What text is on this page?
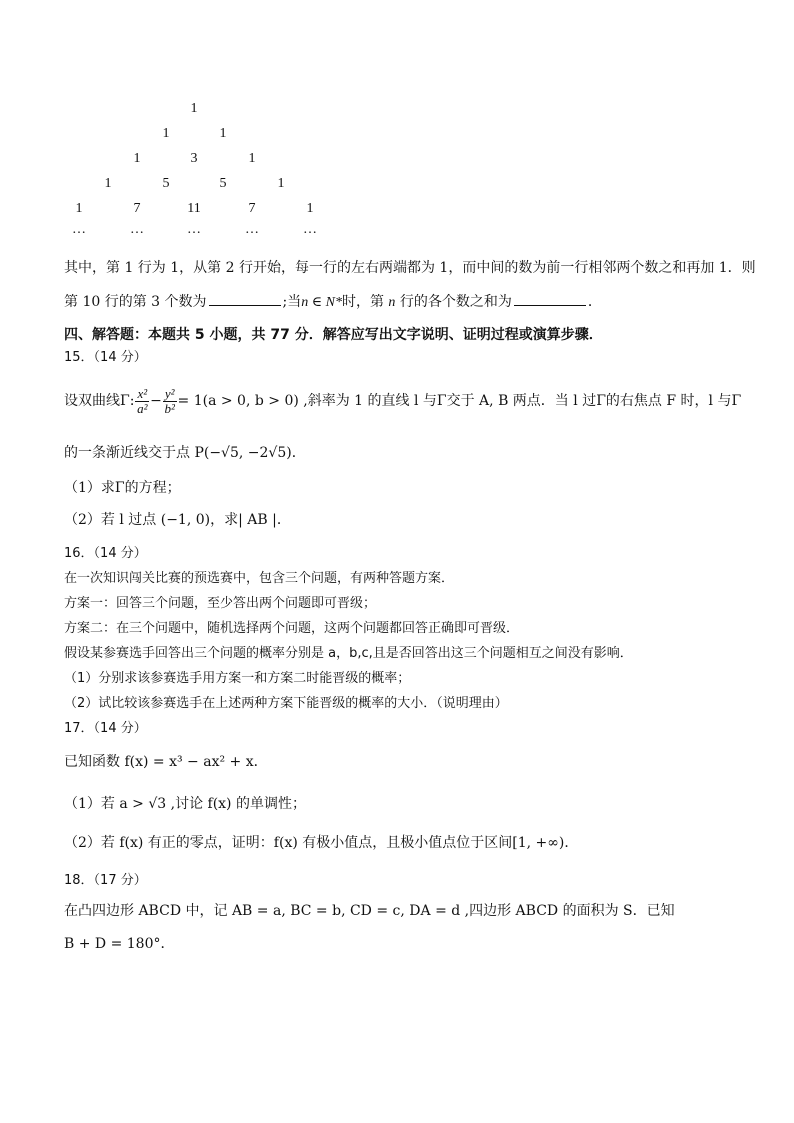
1
1	1
1	3	1
1	5	5	1
1	7	11	7	1
…	…	…	…	…
其中，第 1 行为 1，从第 2 行开始，每一行的左右两端都为 1，而中间的数为前一行相邻两个数之和再加 1．则
第 10 行的第 3 个数为	;当n ∈ N*时，第 n 行的各个数之和为	．
四、解答题：本题共 5 小题，共 77 分．解答应写出文字说明、证明过程或演算步骤．
15．（14 分）
设双曲线Γ: $\frac{\text{x²}}{\text{a²}} - \frac{\text{y²}}{\text{b²}} = 1(a > 0$, b > 0) ,斜率为 1 的直线 l 与Γ交于 A, B 两点．当 l 过Γ的右焦点 F 时，l 与Γ
的一条渐近线交于点 P(−√5, −2√5)．
（1）求Γ的方程；
（2）若 l 过点 (−1, 0)，求| AB |．
16．（14 分）
在一次知识闯关比赛的预选赛中，包含三个问题，有两种答题方案．
方案一：回答三个问题，至少答出两个问题即可晋级；
方案二：在三个问题中，随机选择两个问题，这两个问题都回答正确即可晋级．
假设某参赛选手回答出三个问题的概率分别是 a，b,c,且是否回答出这三个问题相互之间没有影响．
（1）分别求该参赛选手用方案一和方案二时能晋级的概率；
（2）试比较该参赛选手在上述两种方案下能晋级的概率的大小．（说明理由）
17．（14 分）
已知函数 f(x) = x³ − ax² + x．
（1）若 a > √3 ,讨论 f(x) 的单调性；
（2）若 f(x) 有正的零点，证明：f(x) 有极小值点，且极小值点位于区间[1, +∞)．
18．（17 分）
在凸四边形 ABCD 中，记 AB = a, BC = b, CD = c, DA = d ,四边形 ABCD 的面积为 S．已知
B + D = 180°．
